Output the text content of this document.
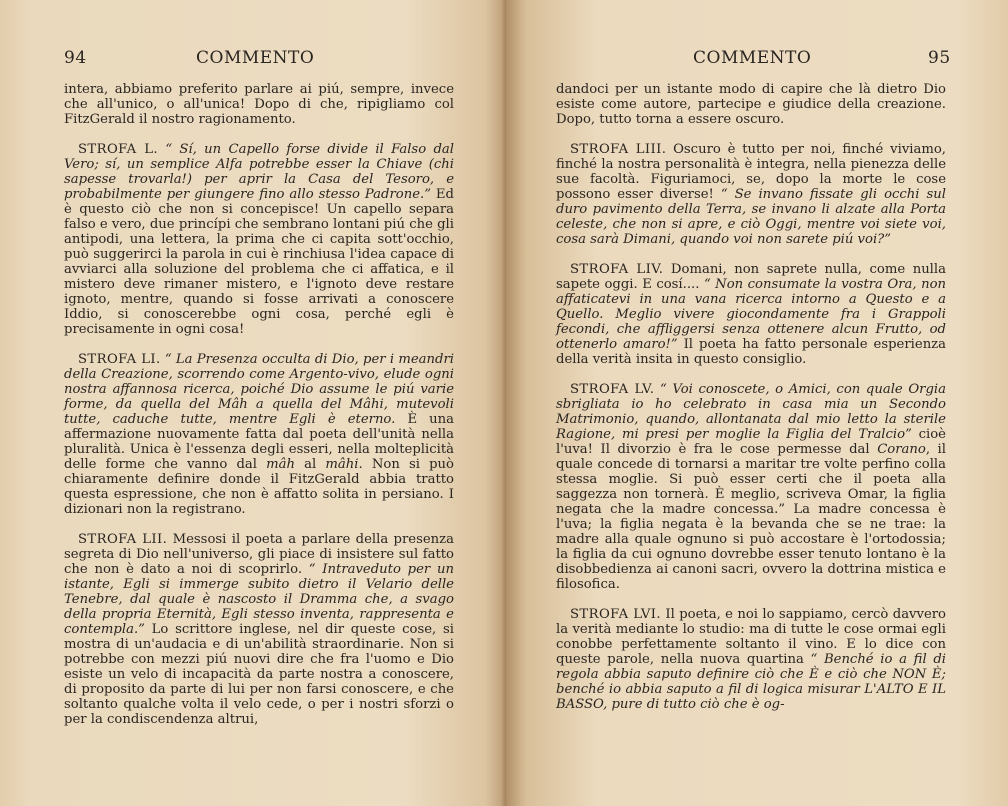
94	COMMENTO

intera, abbiamo preferito parlare ai piú, sempre, invece che all'unico, o all'unica! Dopo di che, ripigliamo col FitzGerald il nostro ragionamento.

STROFA L. “ Sí, un Capello forse divide il Falso dal Vero; sí, un semplice Alfa potrebbe esser la Chiave (chi sapesse trovarla!) per aprir la Casa del Tesoro, e probabilmente per giungere fino allo stesso Padrone.” Ed è questo ciò che non si concepisce! Un capello separa falso e vero, due princípi che sembrano lontani piú che gli antipodi, una lettera, la prima che ci capita sott'occhio, può suggerirci la parola in cui è rinchiusa l'idea capace di avviarci alla soluzione del problema che ci affatica, e il mistero deve rimaner mistero, e l'ignoto deve restare ignoto, mentre, quando si fosse arrivati a conoscere Iddio, si conoscerebbe ogni cosa, perché egli è precisamente in ogni cosa!

STROFA LI. “ La Presenza occulta di Dio, per i meandri della Creazione, scorrendo come Argento-vivo, elude ogni nostra affannosa ricerca, poiché Dio assume le piú varie forme, da quella del Mâh a quella del Mâhi, mutevoli tutte, caduche tutte, mentre Egli è eterno. È una affermazione nuovamente fatta dal poeta dell'unità nella pluralità. Unica è l'essenza degli esseri, nella molteplicità delle forme che vanno dal mâh al mâhi. Non si può chiaramente definire donde il FitzGerald abbia tratto questa espressione, che non è affatto solita in persiano. I dizionari non la registrano.

STROFA LII. Messosi il poeta a parlare della presenza segreta di Dio nell'universo, gli piace di insistere sul fatto che non è dato a noi di scoprirlo. “ Intraveduto per un istante, Egli si immerge subito dietro il Velario delle Tenebre, dal quale è nascosto il Dramma che, a svago della propria Eternità, Egli stesso inventa, rappresenta e contempla.” Lo scrittore inglese, nel dir queste cose, si mostra di un'audacia e di un'abilità straordinarie. Non si potrebbe con mezzi piú nuovi dire che fra l'uomo e Dio esiste un velo di incapacità da parte nostra a conoscere, di proposito da parte di lui per non farsi conoscere, e che soltanto qualche volta il velo cede, o per i nostri sforzi o per la condiscendenza altrui,

COMMENTO	95

dandoci per un istante modo di capire che là dietro Dio esiste come autore, partecipe e giudice della creazione. Dopo, tutto torna a essere oscuro.

STROFA LIII. Oscuro è tutto per noi, finché viviamo, finché la nostra personalità è integra, nella pienezza delle sue facoltà. Figuriamoci, se, dopo la morte le cose possono esser diverse! “ Se invano fissate gli occhi sul duro pavimento della Terra, se invano li alzate alla Porta celeste, che non si apre, e ciò Oggi, mentre voi siete voi, cosa sarà Dimani, quando voi non sarete piú voi?”

STROFA LIV. Domani, non saprete nulla, come nulla sapete oggi. E cosí.... “ Non consumate la vostra Ora, non affaticatevi in una vana ricerca intorno a Questo e a Quello. Meglio vivere giocondamente fra i Grappoli fecondi, che affliggersi senza ottenere alcun Frutto, od ottenerlo amaro!” Il poeta ha fatto personale esperienza della verità insita in questo consiglio.

STROFA LV. “ Voi conoscete, o Amici, con quale Orgia sbrigliata io ho celebrato in casa mia un Secondo Matrimonio, quando, allontanata dal mio letto la sterile Ragione, mi presi per moglie la Figlia del Tralcio” cioè l'uva! Il divorzio è fra le cose permesse dal Corano, il quale concede di tornarsi a maritar tre volte perfino colla stessa moglie. Si può esser certi che il poeta alla saggezza non tornerà. È meglio, scriveva Omar, la figlia negata che la madre concessa.” La madre concessa è l'uva; la figlia negata è la bevanda che se ne trae: la madre alla quale ognuno si può accostare è l'ortodossia; la figlia da cui ognuno dovrebbe esser tenuto lontano è la disobbedienza ai canoni sacri, ovvero la dottrina mistica e filosofica.

STROFA LVI. Il poeta, e noi lo sappiamo, cercò davvero la verità mediante lo studio: ma di tutte le cose ormai egli conobbe perfettamente soltanto il vino. E lo dice con queste parole, nella nuova quartina “ Benché io a fil di regola abbia saputo definire ciò che È e ciò che NON È; benché io abbia saputo a fil di logica misurar L'ALTO E IL BASSO, pure di tutto ciò che è og-
